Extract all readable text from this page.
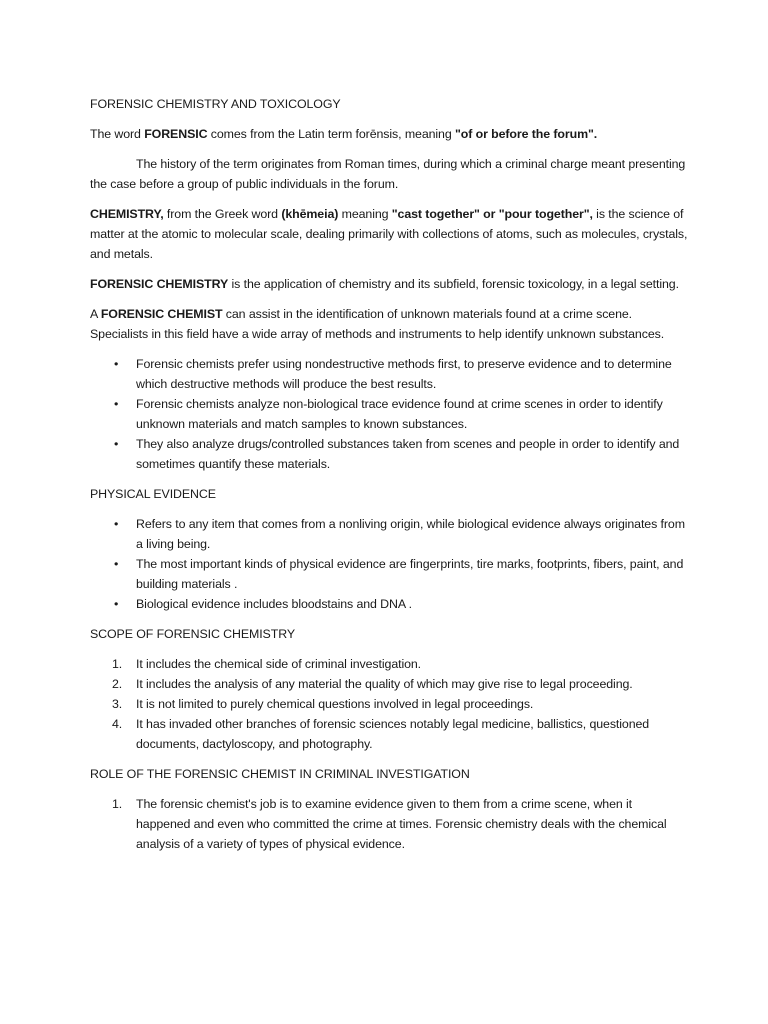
FORENSIC CHEMISTRY AND TOXICOLOGY

The word FORENSIC comes from the Latin term forēnsis, meaning "of or before the forum".

The history of the term originates from Roman times, during which a criminal charge meant presenting the case before a group of public individuals in the forum.

CHEMISTRY, from the Greek word (khēmeia) meaning "cast together" or "pour together", is the science of matter at the atomic to molecular scale, dealing primarily with collections of atoms, such as molecules, crystals, and metals.

FORENSIC CHEMISTRY is the application of chemistry and its subfield, forensic toxicology, in a legal setting.

A FORENSIC CHEMIST can assist in the identification of unknown materials found at a crime scene. Specialists in this field have a wide array of methods and instruments to help identify unknown substances.

• Forensic chemists prefer using nondestructive methods first, to preserve evidence and to determine which destructive methods will produce the best results.
• Forensic chemists analyze non-biological trace evidence found at crime scenes in order to identify unknown materials and match samples to known substances.
• They also analyze drugs/controlled substances taken from scenes and people in order to identify and sometimes quantify these materials.
PHYSICAL EVIDENCE
• Refers to any item that comes from a nonliving origin, while biological evidence always originates from a living being.
• The most important kinds of physical evidence are fingerprints, tire marks, footprints, fibers, paint, and building materials .
• Biological evidence includes bloodstains and DNA .
SCOPE OF FORENSIC CHEMISTRY
1. It includes the chemical side of criminal investigation.
2. It includes the analysis of any material the quality of which may give rise to legal proceeding.
3. It is not limited to purely chemical questions involved in legal proceedings.
4. It has invaded other branches of forensic sciences notably legal medicine, ballistics, questioned documents, dactyloscopy, and photography.
ROLE OF THE FORENSIC CHEMIST IN CRIMINAL INVESTIGATION
1. The forensic chemist's job is to examine evidence given to them from a crime scene, when it happened and even who committed the crime at times. Forensic chemistry deals with the chemical analysis of a variety of types of physical evidence.
